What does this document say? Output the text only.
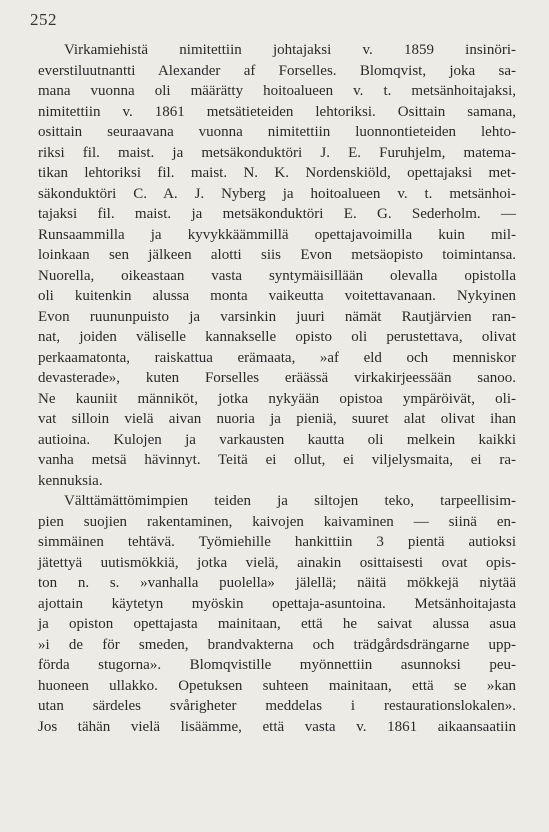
252
Virkamiehistä nimitettiin johtajaksi v. 1859 insinöri-
everstiluutnantti Alexander af Forselles. Blomqvist, joka sa-
mana vuonna oli määrätty hoitoalueen v. t. metsänhoitajaksi,
nimitettiin v. 1861 metsätieteiden lehtoriksi. Osittain samana,
osittain seuraavana vuonna nimitettiin luonnontieteiden lehto-
riksi fil. maist. ja metsäkonduktöri J. E. Furuhjelm, matema-
tikan lehtoriksi fil. maist. N. K. Nordenskiöld, opettajaksi met-
säkonduktöri C. A. J. Nyberg ja hoitoalueen v. t. metsänhoi-
tajaksi fil. maist. ja metsäkonduktöri E. G. Sederholm. —
Runsaammilla ja kyvykkäämmillä opettajavoimilla kuin mil-
loinkaan sen jälkeen alotti siis Evon metsäopisto toimintansa.
Nuorella, oikeastaan vasta syntymäisillään olevalla opistolla
oli kuitenkin alussa monta vaikeutta voitettavanaan. Nykyinen
Evon ruununpuisto ja varsinkin juuri nämät Rautjärvien ran-
nat, joiden väliselle kannakselle opisto oli perustettava, olivat
perkaamatonta, raiskattua erämaata, »af eld och menniskor
devasterade», kuten Forselles eräässä virkakirjeessään sanoo.
Ne kauniit männiköt, jotka nykyään opistoa ympäröivät, oli-
vat silloin vielä aivan nuoria ja pieniä, suuret alat olivat ihan
autioina. Kulojen ja varkausten kautta oli melkein kaikki
vanha metsä hävinnyt. Teitä ei ollut, ei viljelysmaita, ei ra-
kennuksia.
Välttämättömimpien teiden ja siltojen teko, tarpeellisim-
pien suojien rakentaminen, kaivojen kaivaminen — siinä en-
simmäinen tehtävä. Työmiehille hankittiin 3 pientä autioksi
jätettyä uutismökkiä, jotka vielä, ainakin osittaisesti ovat opis-
ton n. s. »vanhalla puolella» jälellä; näitä mökkejä niytää
ajottain käytetyn myöskin opettaja-asuntoina. Metsänhoitajasta
ja opiston opettajasta mainitaan, että he saivat alussa asua
»i de för smeden, brandvakterna och trädgårdsdrängarne upp-
förda stugorna». Blomqvistille myönnettiin asunnoksi peu-
huoneen ullakko. Opetuksen suhteen mainitaan, että se »kan
utan särdeles svårigheter meddelas i restaurationslokalen».
Jos tähän vielä lisäämme, että vasta v. 1861 aikaansaatiin
